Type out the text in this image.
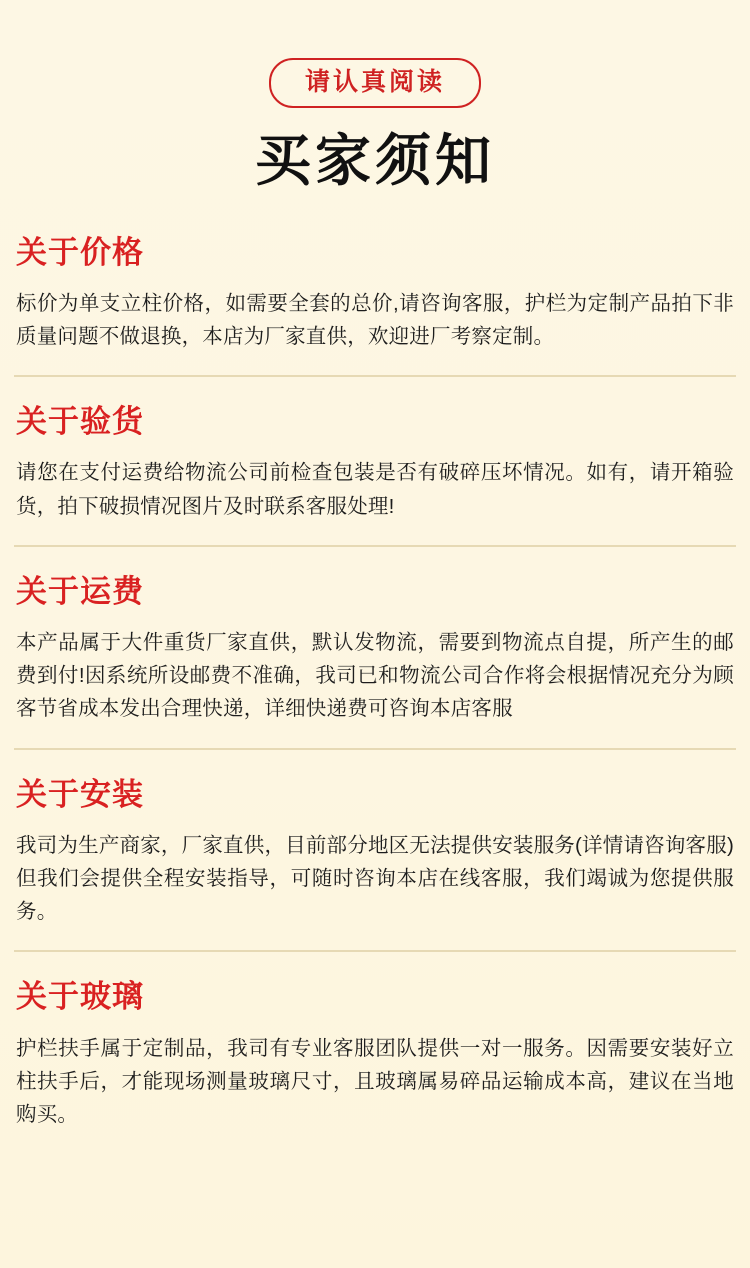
请认真阅读
买家须知
关于价格

标价为单支立柱价格，如需要全套的总价,请咨询客服，护栏为定制产品拍下非质量问题不做退换，本店为厂家直供，欢迎进厂考察定制。

关于验货

请您在支付运费给物流公司前检查包装是否有破碎压坏情况。如有，请开箱验货，拍下破损情况图片及时联系客服处理!

关于运费

本产品属于大件重货厂家直供，默认发物流，需要到物流点自提，所产生的邮费到付!因系统所设邮费不准确，我司已和物流公司合作将会根据情况充分为顾客节省成本发出合理快递，详细快递费可咨询本店客服

关于安装

我司为生产商家，厂家直供，目前部分地区无法提供安装服务(详情请咨询客服)但我们会提供全程安装指导，可随时咨询本店在线客服，我们竭诚为您提供服务。

关于玻璃

护栏扶手属于定制品，我司有专业客服团队提供一对一服务。因需要安装好立柱扶手后，才能现场测量玻璃尺寸，且玻璃属易碎品运输成本高，建议在当地购买。
